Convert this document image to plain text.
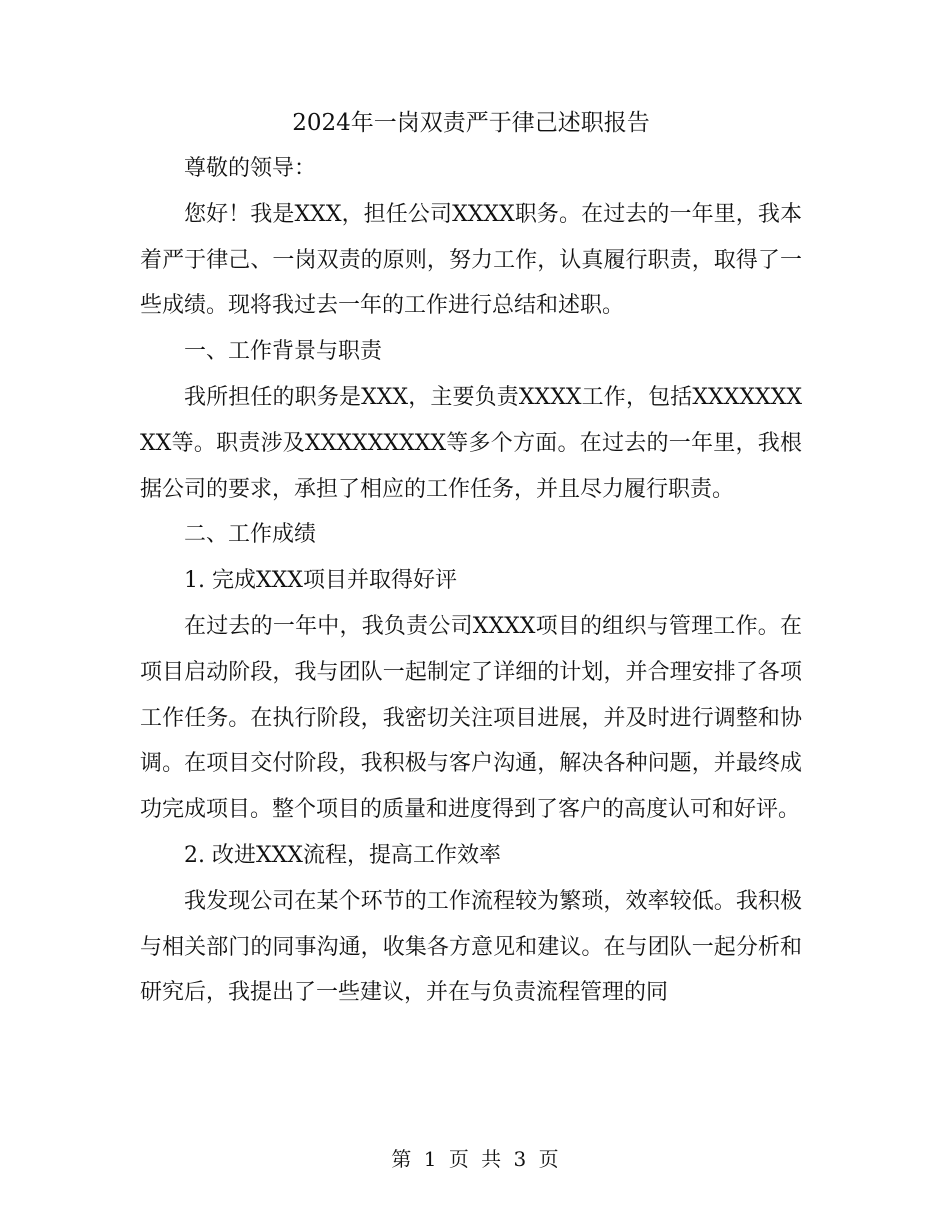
2024年一岗双责严于律己述职报告

尊敬的领导：

您好！我是XXX，担任公司XXXX职务。在过去的一年里，我本着严于律己、一岗双责的原则，努力工作，认真履行职责，取得了一些成绩。现将我过去一年的工作进行总结和述职。

一、工作背景与职责

我所担任的职务是XXX，主要负责XXXX工作，包括XXXXXXXXX等。职责涉及XXXXXXXXX等多个方面。在过去的一年里，我根据公司的要求，承担了相应的工作任务，并且尽力履行职责。

二、工作成绩

1. 完成XXX项目并取得好评

在过去的一年中，我负责公司XXXX项目的组织与管理工作。在项目启动阶段，我与团队一起制定了详细的计划，并合理安排了各项工作任务。在执行阶段，我密切关注项目进展，并及时进行调整和协调。在项目交付阶段，我积极与客户沟通，解决各种问题，并最终成功完成项目。整个项目的质量和进度得到了客户的高度认可和好评。

2. 改进XXX流程，提高工作效率

我发现公司在某个环节的工作流程较为繁琐，效率较低。我积极与相关部门的同事沟通，收集各方意见和建议。在与团队一起分析和研究后，我提出了一些建议，并在与负责流程管理的同

第 1 页 共 3 页
